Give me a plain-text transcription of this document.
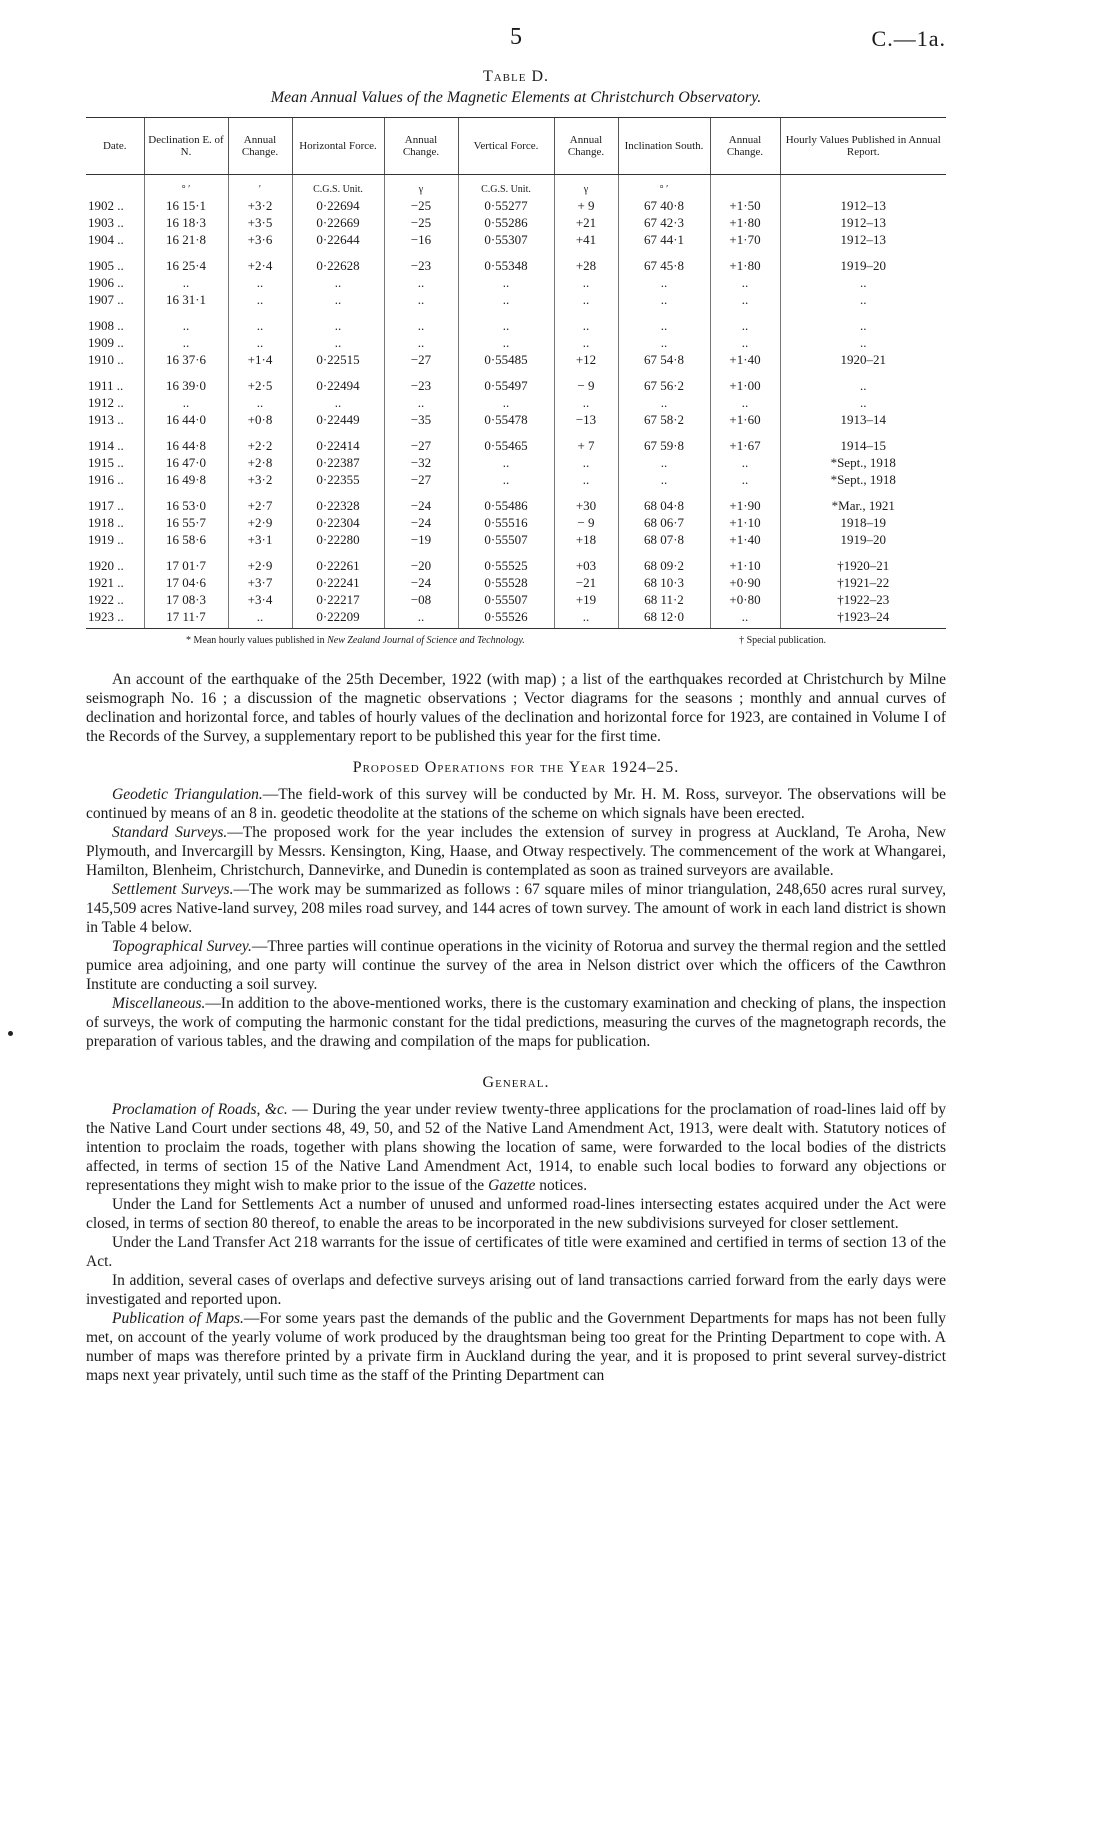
5	C.—1a.
Table D.
Mean Annual Values of the Magnetic Elements at Christchurch Observatory.
Date.	Declination E. of N.	Annual Change.	Horizontal Force.	Annual Change.	Vertical Force.	Annual Change.	Inclination South.	Annual Change.	Hourly Values Published in Annual Report.
	° ′	′	C.G.S. Unit.	γ	C.G.S. Unit.	γ	° ′		
1902 ..	16 15·1	+3·2	0·22694	−25	0·55277	+ 9	67 40·8	+1·50	1912–13
1903 ..	16 18·3	+3·5	0·22669	−25	0·55286	+21	67 42·3	+1·80	1912–13
1904 ..	16 21·8	+3·6	0·22644	−16	0·55307	+41	67 44·1	+1·70	1912–13

1905 ..	16 25·4	+2·4	0·22628	−23	0·55348	+28	67 45·8	+1·80	1919–20
1906 ..	..	..	..	..	..	..	..	..	..
1907 ..	16 31·1	..	..	..	..	..	..	..	..

1908 ..	..	..	..	..	..	..	..	..	..
1909 ..	..	..	..	..	..	..	..	..	..
1910 ..	16 37·6	+1·4	0·22515	−27	0·55485	+12	67 54·8	+1·40	1920–21

1911 ..	16 39·0	+2·5	0·22494	−23	0·55497	− 9	67 56·2	+1·00	..
1912 ..	..	..	..	..	..	..	..	..	..
1913 ..	16 44·0	+0·8	0·22449	−35	0·55478	−13	67 58·2	+1·60	1913–14

1914 ..	16 44·8	+2·2	0·22414	−27	0·55465	+ 7	67 59·8	+1·67	1914–15
1915 ..	16 47·0	+2·8	0·22387	−32	..	..	..	..	*Sept., 1918
1916 ..	16 49·8	+3·2	0·22355	−27	..	..	..	..	*Sept., 1918

1917 ..	16 53·0	+2·7	0·22328	−24	0·55486	+30	68 04·8	+1·90	*Mar., 1921
1918 ..	16 55·7	+2·9	0·22304	−24	0·55516	− 9	68 06·7	+1·10	1918–19
1919 ..	16 58·6	+3·1	0·22280	−19	0·55507	+18	68 07·8	+1·40	1919–20

1920 ..	17 01·7	+2·9	0·22261	−20	0·55525	+03	68 09·2	+1·10	†1920–21
1921 ..	17 04·6	+3·7	0·22241	−24	0·55528	−21	68 10·3	+0·90	†1921–22
1922 ..	17 08·3	+3·4	0·22217	−08	0·55507	+19	68 11·2	+0·80	†1922–23
1923 ..	17 11·7	..	0·22209	..	0·55526	..	68 12·0	..	†1923–24
* Mean hourly values published in New Zealand Journal of Science and Technology.	† Special publication.

An account of the earthquake of the 25th December, 1922 (with map) ; a list of the earthquakes recorded at Christchurch by Milne seismograph No. 16 ; a discussion of the magnetic observations ; Vector diagrams for the seasons ; monthly and annual curves of declination and horizontal force, and tables of hourly values of the declination and horizontal force for 1923, are contained in Volume I of the Records of the Survey, a supplementary report to be published this year for the first time.

Proposed Operations for the Year 1924–25.

Geodetic Triangulation.—The field-work of this survey will be conducted by Mr. H. M. Ross, surveyor. The observations will be continued by means of an 8 in. geodetic theodolite at the stations of the scheme on which signals have been erected.

Standard Surveys.—The proposed work for the year includes the extension of survey in progress at Auckland, Te Aroha, New Plymouth, and Invercargill by Messrs. Kensington, King, Haase, and Otway respectively. The commencement of the work at Whangarei, Hamilton, Blenheim, Christchurch, Dannevirke, and Dunedin is contemplated as soon as trained surveyors are available.

Settlement Surveys.—The work may be summarized as follows : 67 square miles of minor triangulation, 248,650 acres rural survey, 145,509 acres Native-land survey, 208 miles road survey, and 144 acres of town survey. The amount of work in each land district is shown in Table 4 below.

Topographical Survey.—Three parties will continue operations in the vicinity of Rotorua and survey the thermal region and the settled pumice area adjoining, and one party will continue the survey of the area in Nelson district over which the officers of the Cawthron Institute are conducting a soil survey.

Miscellaneous.—In addition to the above-mentioned works, there is the customary examination and checking of plans, the inspection of surveys, the work of computing the harmonic constant for the tidal predictions, measuring the curves of the magnetograph records, the preparation of various tables, and the drawing and compilation of the maps for publication.

General.

Proclamation of Roads, &c. — During the year under review twenty-three applications for the proclamation of road-lines laid off by the Native Land Court under sections 48, 49, 50, and 52 of the Native Land Amendment Act, 1913, were dealt with. Statutory notices of intention to proclaim the roads, together with plans showing the location of same, were forwarded to the local bodies of the districts affected, in terms of section 15 of the Native Land Amendment Act, 1914, to enable such local bodies to forward any objections or representations they might wish to make prior to the issue of the Gazette notices.

Under the Land for Settlements Act a number of unused and unformed road-lines intersecting estates acquired under the Act were closed, in terms of section 80 thereof, to enable the areas to be incorporated in the new subdivisions surveyed for closer settlement.

Under the Land Transfer Act 218 warrants for the issue of certificates of title were examined and certified in terms of section 13 of the Act.

In addition, several cases of overlaps and defective surveys arising out of land transactions carried forward from the early days were investigated and reported upon.

Publication of Maps.—For some years past the demands of the public and the Government Departments for maps has not been fully met, on account of the yearly volume of work produced by the draughtsman being too great for the Printing Department to cope with. A number of maps was therefore printed by a private firm in Auckland during the year, and it is proposed to print several survey-district maps next year privately, until such time as the staff of the Printing Department can
